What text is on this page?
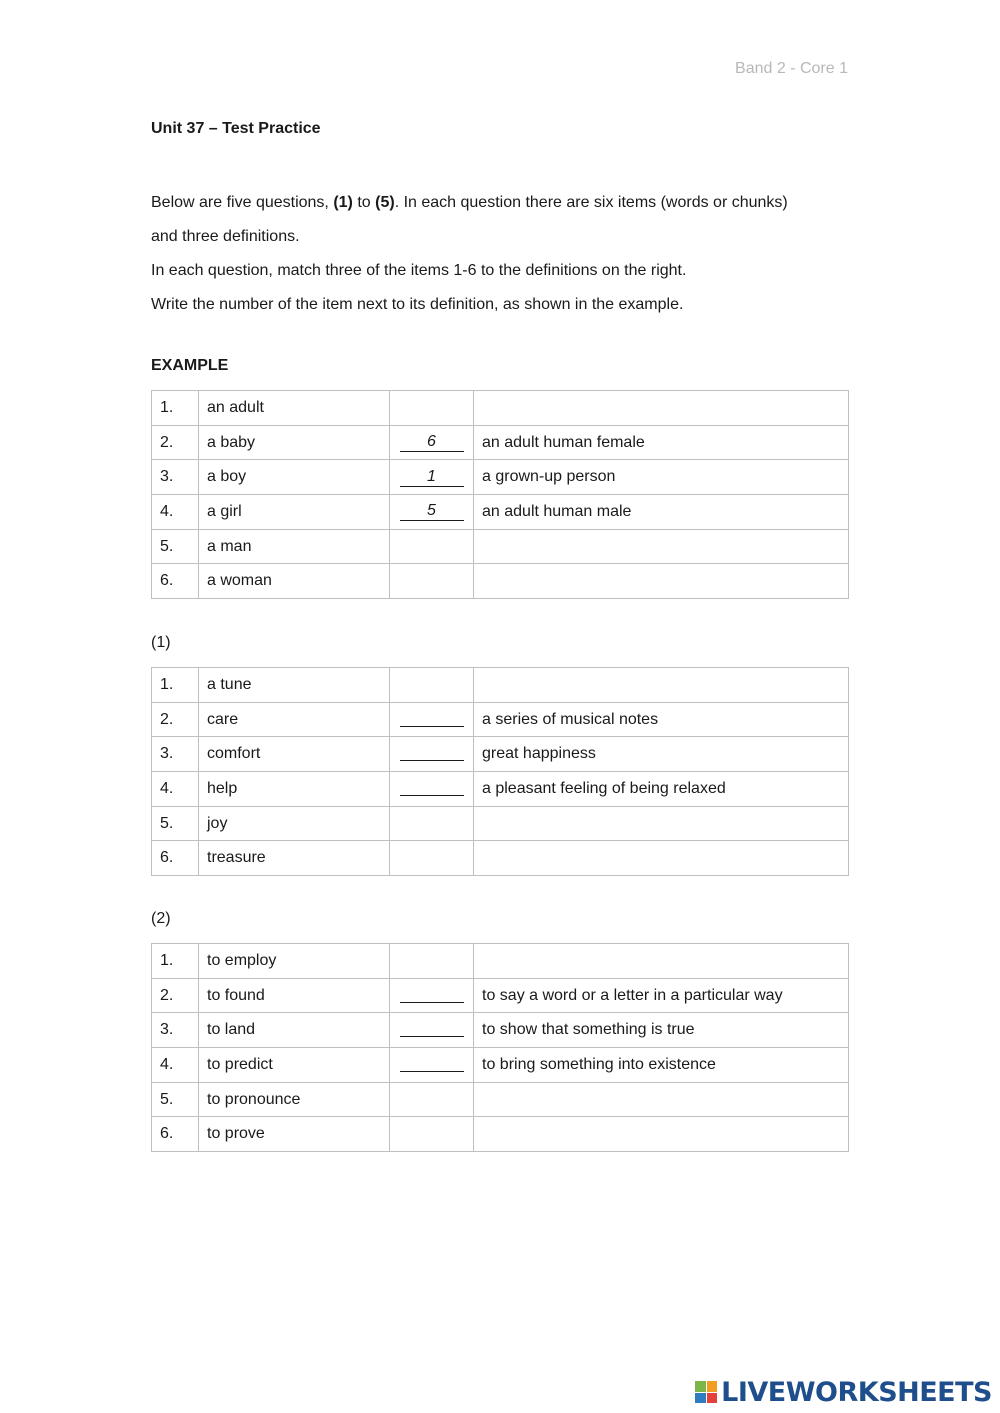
Band 2 - Core 1
Unit 37 – Test Practice

Below are five questions, (1) to (5). In each question there are six items (words or chunks)

and three definitions.

In each question, match three of the items 1-6 to the definitions on the right.

Write the number of the item next to its definition, as shown in the example.

EXAMPLE
1.	an adult		
2.	a baby	6	an adult human female
3.	a boy	1	a grown-up person
4.	a girl	5	an adult human male
5.	a man		
6.	a woman		
(1)
1.	a tune		
2.	care		a series of musical notes
3.	comfort		great happiness
4.	help		a pleasant feeling of being relaxed
5.	joy		
6.	treasure		
(2)
1.	to employ		
2.	to found		to say a word or a letter in a particular way
3.	to land		to show that something is true
4.	to predict		to bring something into existence
5.	to pronounce		
6.	to prove		
LIVEWORKSHEETS
